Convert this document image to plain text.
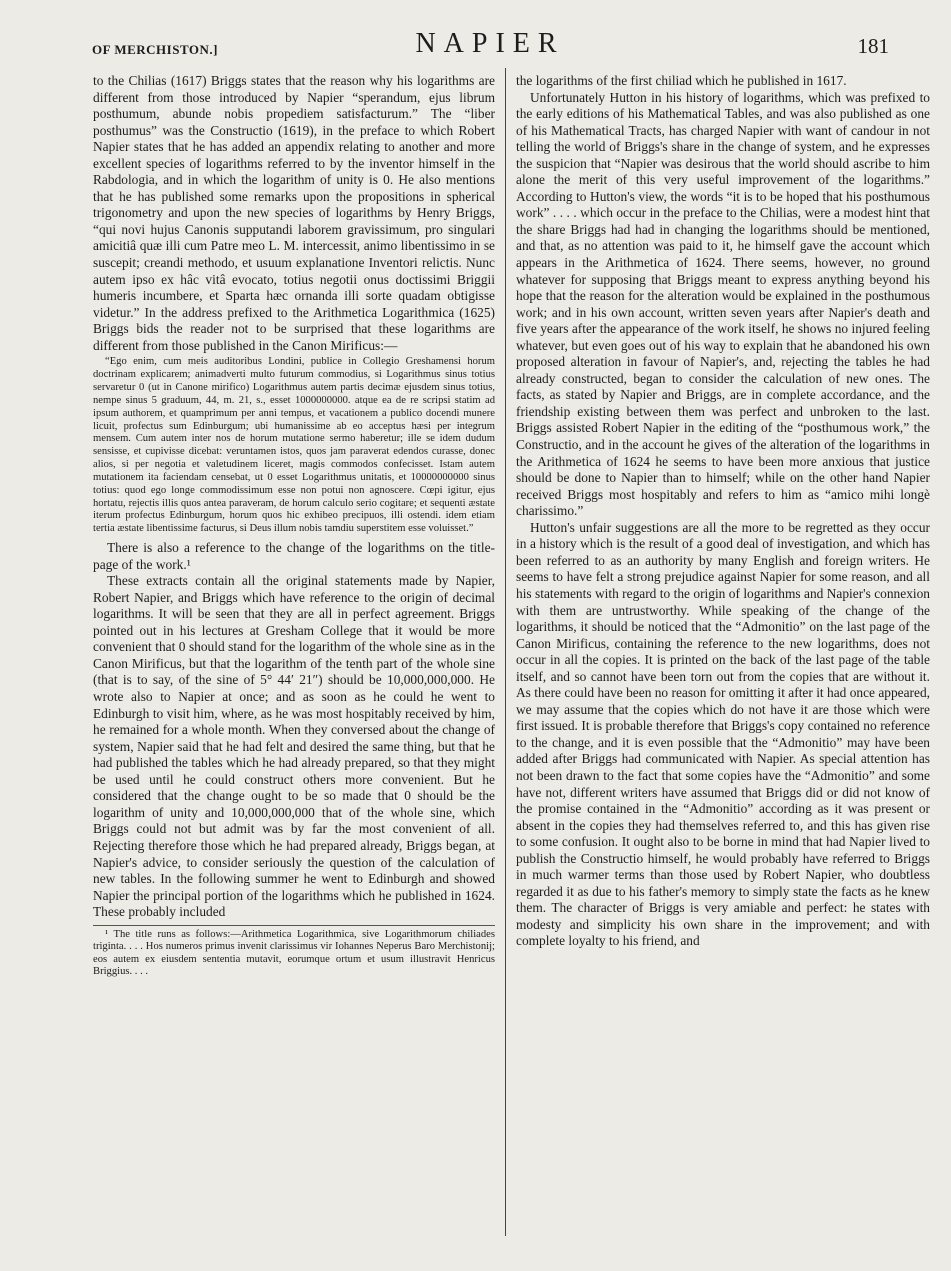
OF MERCHISTON.]	NAPIER	181

to the Chilias (1617) Briggs states that the reason why his logarithms are different from those introduced by Napier “sperandum, ejus librum posthumum, abunde nobis propediem satisfacturum.” The “liber posthumus” was the Constructio (1619), in the preface to which Robert Napier states that he has added an appendix relating to another and more excellent species of logarithms referred to by the inventor himself in the Rabdologia, and in which the logarithm of unity is 0. He also mentions that he has published some remarks upon the propositions in spherical trigonometry and upon the new species of logarithms by Henry Briggs, “qui novi hujus Canonis supputandi laborem gravissimum, pro singulari amicitiâ quæ illi cum Patre meo L. M. intercessit, animo libentissimo in se suscepit; creandi methodo, et usuum explanatione Inventori relictis. Nunc autem ipso ex hâc vitâ evocato, totius negotii onus doctissimi Briggii humeris incumbere, et Sparta hæc ornanda illi sorte quadam obtigisse videtur.” In the address prefixed to the Arithmetica Logarithmica (1625) Briggs bids the reader not to be surprised that these logarithms are different from those published in the Canon Mirificus:—

“Ego enim, cum meis auditoribus Londini, publice in Collegio Greshamensi horum doctrinam explicarem; animadverti multo futurum commodius, si Logarithmus sinus totius servaretur 0 (ut in Canone mirifico) Logarithmus autem partis decimæ ejusdem sinus totius, nempe sinus 5 graduum, 44, m. 21, s., esset 1000000000. atque ea de re scripsi statim ad ipsum authorem, et quamprimum per anni tempus, et vacationem a publico docendi munere licuit, profectus sum Edinburgum; ubi humanissime ab eo acceptus hæsi per integrum mensem. Cum autem inter nos de horum mutatione sermo haberetur; ille se idem dudum sensisse, et cupivisse dicebat: veruntamen istos, quos jam paraverat edendos curasse, donec alios, si per negotia et valetudinem liceret, magis commodos confecisset. Istam autem mutationem ita faciendam censebat, ut 0 esset Logarithmus unitatis, et 10000000000 sinus totius: quod ego longe commodissimum esse non potui non agnoscere. Cœpi igitur, ejus hortatu, rejectis illis quos antea paraveram, de horum calculo serio cogitare; et sequenti æstate iterum profectus Edinburgum, horum quos hic exhibeo precipuos, illi ostendi. idem etiam tertia æstate libentissime facturus, si Deus illum nobis tamdiu superstitem esse voluisset.”

There is also a reference to the change of the logarithms on the title-page of the work.¹

These extracts contain all the original statements made by Napier, Robert Napier, and Briggs which have reference to the origin of decimal logarithms. It will be seen that they are all in perfect agreement. Briggs pointed out in his lectures at Gresham College that it would be more convenient that 0 should stand for the logarithm of the whole sine as in the Canon Mirificus, but that the logarithm of the tenth part of the whole sine (that is to say, of the sine of 5° 44′ 21″) should be 10,000,000,000. He wrote also to Napier at once; and as soon as he could he went to Edinburgh to visit him, where, as he was most hospitably received by him, he remained for a whole month. When they conversed about the change of system, Napier said that he had felt and desired the same thing, but that he had published the tables which he had already prepared, so that they might be used until he could construct others more convenient. But he considered that the change ought to be so made that 0 should be the logarithm of unity and 10,000,000,000 that of the whole sine, which Briggs could not but admit was by far the most convenient of all. Rejecting therefore those which he had prepared already, Briggs began, at Napier's advice, to consider seriously the question of the calculation of new tables. In the following summer he went to Edinburgh and showed Napier the principal portion of the logarithms which he published in 1624. These probably included

¹ The title runs as follows:—Arithmetica Logarithmica, sive Logarithmorum chiliades triginta. . . . Hos numeros primus invenit clarissimus vir Iohannes Neperus Baro Merchistonij; eos autem ex eiusdem sententia mutavit, eorumque ortum et usum illustravit Henricus Briggius. . . .

the logarithms of the first chiliad which he published in 1617.

Unfortunately Hutton in his history of logarithms, which was prefixed to the early editions of his Mathematical Tables, and was also published as one of his Mathematical Tracts, has charged Napier with want of candour in not telling the world of Briggs's share in the change of system, and he expresses the suspicion that “Napier was desirous that the world should ascribe to him alone the merit of this very useful improvement of the logarithms.” According to Hutton's view, the words “it is to be hoped that his posthumous work” . . . . which occur in the preface to the Chilias, were a modest hint that the share Briggs had had in changing the logarithms should be mentioned, and that, as no attention was paid to it, he himself gave the account which appears in the Arithmetica of 1624. There seems, however, no ground whatever for supposing that Briggs meant to express anything beyond his hope that the reason for the alteration would be explained in the posthumous work; and in his own account, written seven years after Napier's death and five years after the appearance of the work itself, he shows no injured feeling whatever, but even goes out of his way to explain that he abandoned his own proposed alteration in favour of Napier's, and, rejecting the tables he had already constructed, began to consider the calculation of new ones. The facts, as stated by Napier and Briggs, are in complete accordance, and the friendship existing between them was perfect and unbroken to the last. Briggs assisted Robert Napier in the editing of the “posthumous work,” the Constructio, and in the account he gives of the alteration of the logarithms in the Arithmetica of 1624 he seems to have been more anxious that justice should be done to Napier than to himself; while on the other hand Napier received Briggs most hospitably and refers to him as “amico mihi longè charissimo.”

Hutton's unfair suggestions are all the more to be regretted as they occur in a history which is the result of a good deal of investigation, and which has been referred to as an authority by many English and foreign writers. He seems to have felt a strong prejudice against Napier for some reason, and all his statements with regard to the origin of logarithms and Napier's connexion with them are untrustworthy. While speaking of the change of the logarithms, it should be noticed that the “Admonitio” on the last page of the Canon Mirificus, containing the reference to the new logarithms, does not occur in all the copies. It is printed on the back of the last page of the table itself, and so cannot have been torn out from the copies that are without it. As there could have been no reason for omitting it after it had once appeared, we may assume that the copies which do not have it are those which were first issued. It is probable therefore that Briggs's copy contained no reference to the change, and it is even possible that the “Admonitio” may have been added after Briggs had communicated with Napier. As special attention has not been drawn to the fact that some copies have the “Admonitio” and some have not, different writers have assumed that Briggs did or did not know of the promise contained in the “Admonitio” according as it was present or absent in the copies they had themselves referred to, and this has given rise to some confusion. It ought also to be borne in mind that had Napier lived to publish the Constructio himself, he would probably have referred to Briggs in much warmer terms than those used by Robert Napier, who doubtless regarded it as due to his father's memory to simply state the facts as he knew them. The character of Briggs is very amiable and perfect: he states with modesty and simplicity his own share in the improvement; and with complete loyalty to his friend, and
